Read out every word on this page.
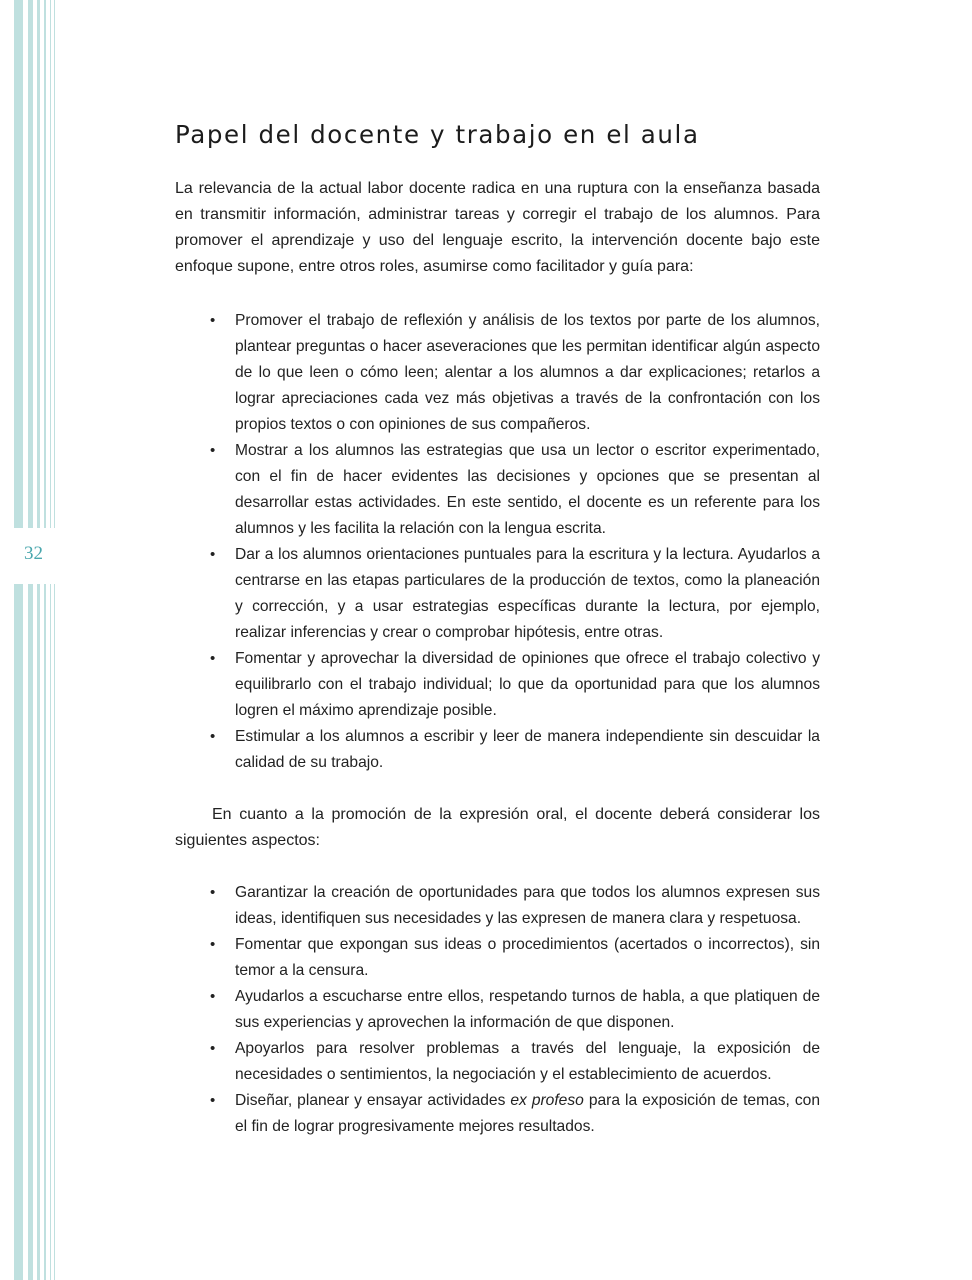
32
Papel del docente y trabajo en el aula

La relevancia de la actual labor docente radica en una ruptura con la enseñanza basada en transmitir información, administrar tareas y corregir el trabajo de los alumnos. Para promover el aprendizaje y uso del lenguaje escrito, la intervención docente bajo este enfoque supone, entre otros roles, asumirse como facilitador y guía para:

• Promover el trabajo de reflexión y análisis de los textos por parte de los alumnos, plantear preguntas o hacer aseveraciones que les permitan identificar algún aspecto de lo que leen o cómo leen; alentar a los alumnos a dar explicaciones; retarlos a lograr apreciaciones cada vez más objetivas a través de la confrontación con los propios textos o con opiniones de sus compañeros.
• Mostrar a los alumnos las estrategias que usa un lector o escritor experimentado, con el fin de hacer evidentes las decisiones y opciones que se presentan al desarrollar estas actividades. En este sentido, el docente es un referente para los alumnos y les facilita la relación con la lengua escrita.
• Dar a los alumnos orientaciones puntuales para la escritura y la lectura. Ayudarlos a centrarse en las etapas particulares de la producción de textos, como la planeación y corrección, y a usar estrategias específicas durante la lectura, por ejemplo, realizar inferencias y crear o comprobar hipótesis, entre otras.
• Fomentar y aprovechar la diversidad de opiniones que ofrece el trabajo colectivo y equilibrarlo con el trabajo individual; lo que da oportunidad para que los alumnos logren el máximo aprendizaje posible.
• Estimular a los alumnos a escribir y leer de manera independiente sin descuidar la calidad de su trabajo.

En cuanto a la promoción de la expresión oral, el docente deberá considerar los siguientes aspectos:

• Garantizar la creación de oportunidades para que todos los alumnos expresen sus ideas, identifiquen sus necesidades y las expresen de manera clara y respetuosa.
• Fomentar que expongan sus ideas o procedimientos (acertados o incorrectos), sin temor a la censura.
• Ayudarlos a escucharse entre ellos, respetando turnos de habla, a que platiquen de sus experiencias y aprovechen la información de que disponen.
• Apoyarlos para resolver problemas a través del lenguaje, la exposición de necesidades o sentimientos, la negociación y el establecimiento de acuerdos.
• Diseñar, planear y ensayar actividades ex profeso para la exposición de temas, con el fin de lograr progresivamente mejores resultados.
